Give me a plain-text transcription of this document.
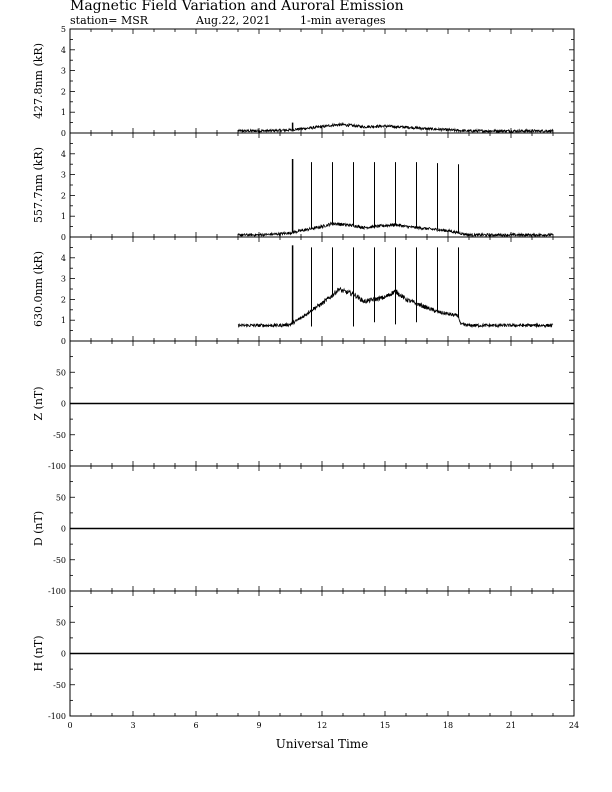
Magnetic Field Variation and Auroral Emission
station= MSR	Aug.22, 2021	1-min averages
0
1
2
3
4
5
427.8nm (kR)
0
1
2
3
4
557.7nm (kR)
0
1
2
3
4
630.0nm (kR)
-100
-50
0
50
Z (nT)
-100
-50
0
50
D (nT)
-100
-50
0
50
H (nT)
0	3	6	9	12	15	18	21	24
Universal Time
